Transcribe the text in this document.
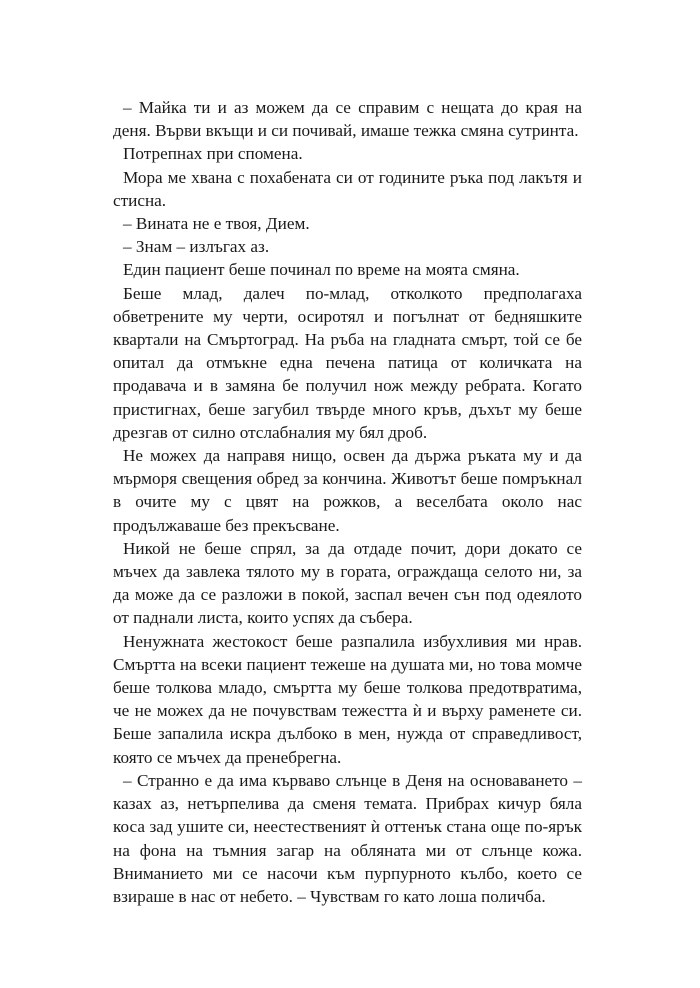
– Майка ти и аз можем да се справим с нещата до края на деня. Върви вкъщи и си почивай, имаше тежка смяна сутринта.

Потрепнах при спомена.

Мора ме хвана с похабената си от годините ръка под лакътя и стисна.

– Вината не е твоя, Дием.

– Знам – излъгах аз.

Един пациент беше починал по време на моята смяна.

Беше млад, далеч по-млад, отколкото предполагаха обветрените му черти, осиротял и погълнат от бедняшките квартали на Смъртоград. На ръба на гладната смърт, той се бе опитал да отмъкне една печена патица от количката на продавача и в замяна бе получил нож между ребрата. Когато пристигнах, беше загубил твърде много кръв, дъхът му беше дрезгав от силно отслабналия му бял дроб.

Не можех да направя нищо, освен да държа ръката му и да мърморя свещения обред за кончина. Животът беше помръкнал в очите му с цвят на рожков, а веселбата около нас продължаваше без прекъсване.

Никой не беше спрял, за да отдаде почит, дори докато се мъчех да завлека тялото му в гората, ограждаща селото ни, за да може да се разложи в покой, заспал вечен сън под одеялото от паднали листа, които успях да събера.

Ненужната жестокост беше разпалила избухливия ми нрав. Смъртта на всеки пациент тежеше на душата ми, но това момче беше толкова младо, смъртта му беше толкова предотвратима, че не можех да не почувствам тежестта ѝ и върху раменете си. Беше запалила искра дълбоко в мен, нужда от справедливост, която се мъчех да пренебрегна.

– Странно е да има кърваво слънце в Деня на основаването – казах аз, нетърпелива да сменя темата. Прибрах кичур бяла коса зад ушите си, неестественият ѝ оттенък стана още по-ярък на фона на тъмния загар на обляната ми от слънце кожа. Вниманието ми се насочи към пурпурното кълбо, което се взираше в нас от небето. – Чувствам го като лоша поличба.
